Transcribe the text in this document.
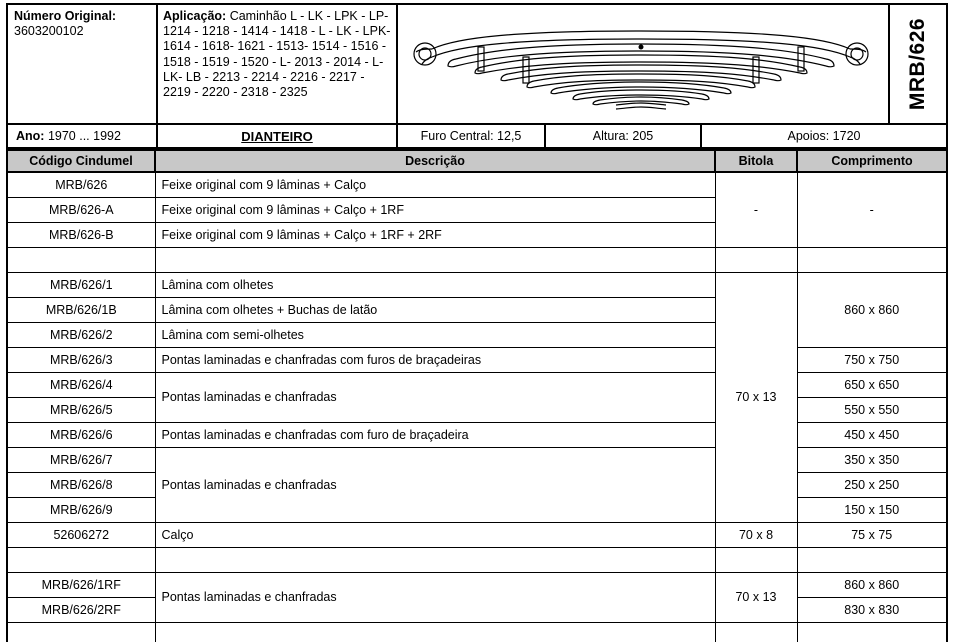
Número Original:
3603200102
Aplicação: Caminhão L - LK - LPK - LP- 1214 - 1218 - 1414 - 1418 - L - LK - LPK- 1614 - 1618- 1621 - 1513- 1514 - 1516 - 1518 - 1519 - 1520 - L- 2013 - 2014 - L- LK- LB - 2213 - 2214 - 2216 - 2217 - 2219 - 2220 - 2318 - 2325	MRB/626
Ano:
1970 ... 1992	DIANTEIRO	Furo Central: 12,5	Altura: 205	Apoios: 1720
Código Cindumel	Descrição	Bitola	Comprimento
MRB/626	Feixe original com 9 lâminas + Calço	-	-
MRB/626-A	Feixe original com 9 lâminas + Calço + 1RF		
MRB/626-B	Feixe original com 9 lâminas + Calço + 1RF + 2RF		

MRB/626/1	Lâmina com olhetes	70 x 13	860 x 860
MRB/626/1B	Lâmina com olhetes + Buchas de latão		
MRB/626/2	Lâmina com semi-olhetes		
MRB/626/3	Pontas laminadas e chanfradas com furos de braçadeiras		750 x 750
MRB/626/4	Pontas laminadas e chanfradas		650 x 650
MRB/626/5			550 x 550
MRB/626/6	Pontas laminadas e chanfradas com furo de braçadeira		450 x 450
MRB/626/7	Pontas laminadas e chanfradas		350 x 350
MRB/626/8			250 x 250
MRB/626/9			150 x 150
52606272	Calço	70 x 8	75 x 75

MRB/626/1RF	Pontas laminadas e chanfradas	70 x 13	860 x 860
MRB/626/2RF			830 x 830
